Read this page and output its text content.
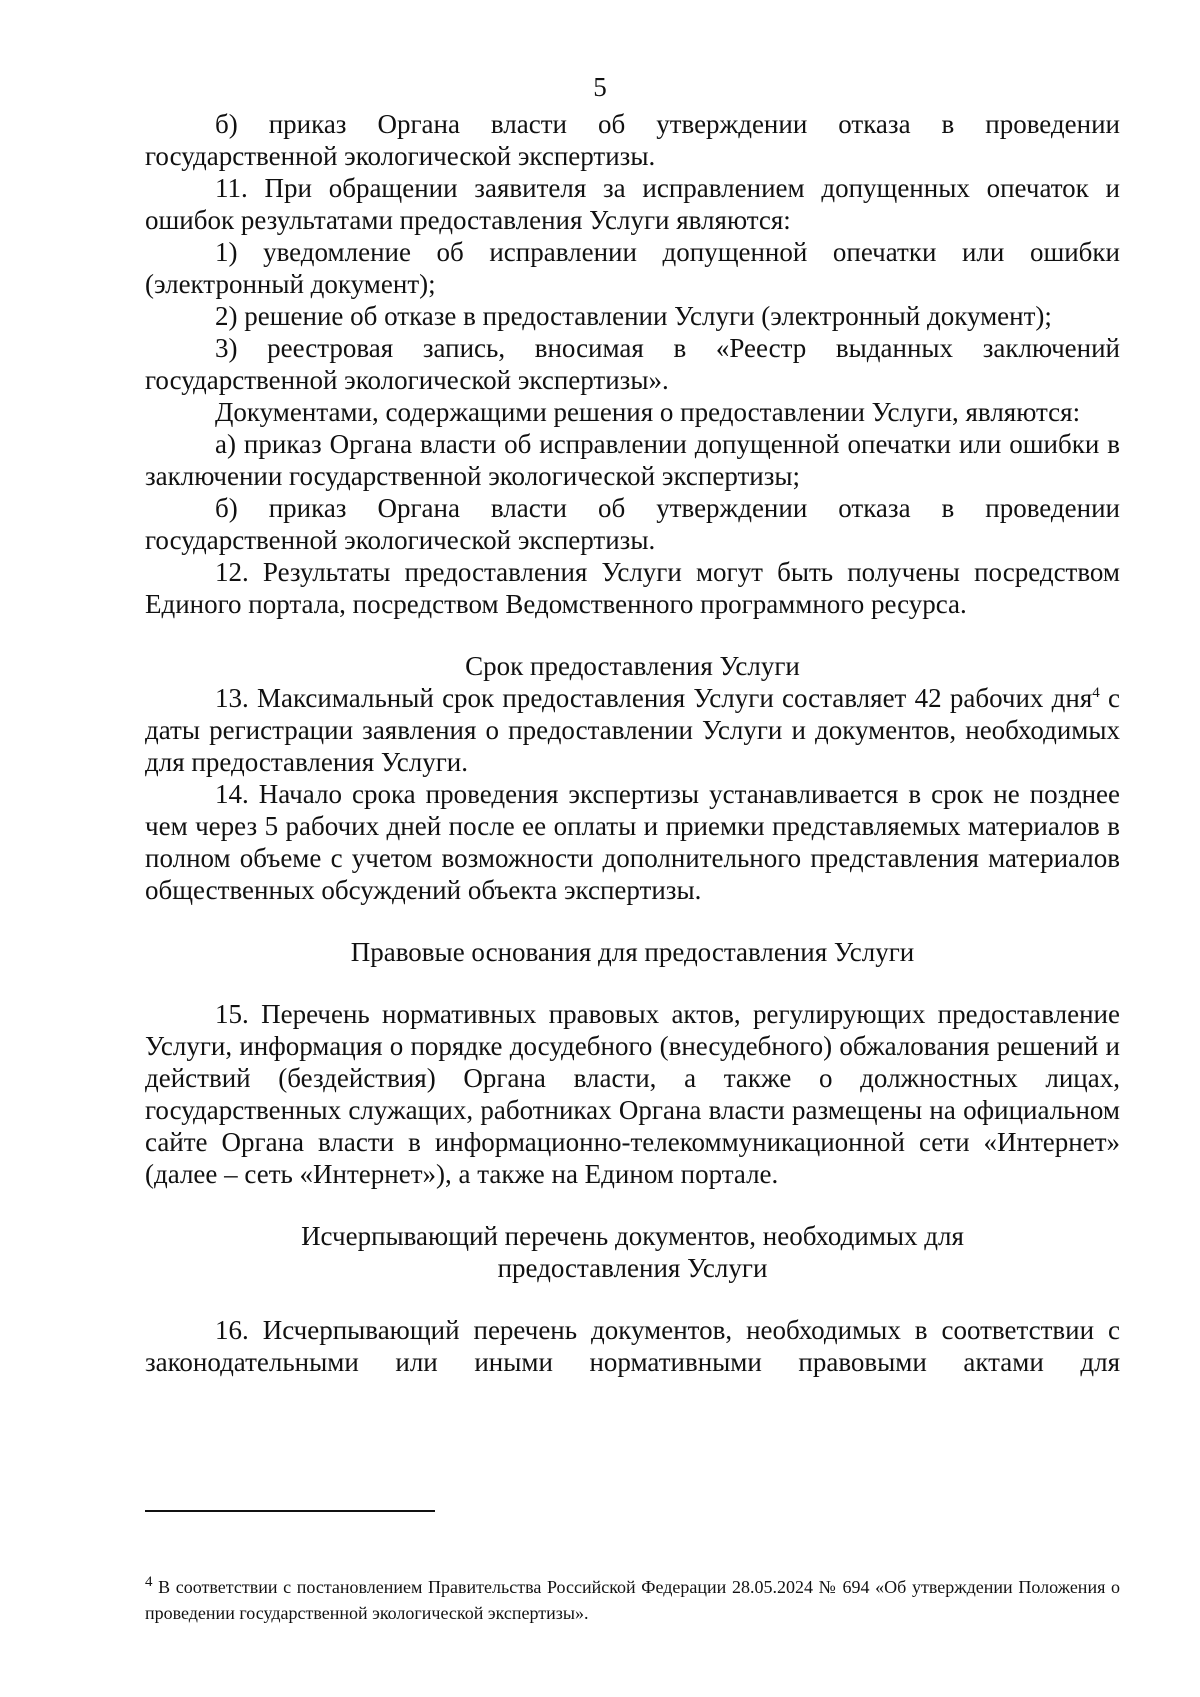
5

б) приказ Органа власти об утверждении отказа в проведении государственной экологической экспертизы.

11. При обращении заявителя за исправлением допущенных опечаток и ошибок результатами предоставления Услуги являются:

1) уведомление об исправлении допущенной опечатки или ошибки (электронный документ);

2) решение об отказе в предоставлении Услуги (электронный документ);

3) реестровая запись, вносимая в «Реестр выданных заключений государственной экологической экспертизы».

Документами, содержащими решения о предоставлении Услуги, являются:

а) приказ Органа власти об исправлении допущенной опечатки или ошибки в заключении государственной экологической экспертизы;

б) приказ Органа власти об утверждении отказа в проведении государственной экологической экспертизы.

12. Результаты предоставления Услуги могут быть получены посредством Единого портала, посредством Ведомственного программного ресурса.

Срок предоставления Услуги

13. Максимальный срок предоставления Услуги составляет 42 рабочих дня$^4$ с даты регистрации заявления о предоставлении Услуги и документов, необходимых для предоставления Услуги.

14. Начало срока проведения экспертизы устанавливается в срок не позднее чем через 5 рабочих дней после ее оплаты и приемки представляемых материалов в полном объеме с учетом возможности дополнительного представления материалов общественных обсуждений объекта экспертизы.

Правовые основания для предоставления Услуги

15. Перечень нормативных правовых актов, регулирующих предоставление Услуги, информация о порядке досудебного (внесудебного) обжалования решений и действий (бездействия) Органа власти, а также о должностных лицах, государственных служащих, работниках Органа власти размещены на официальном сайте Органа власти в информационно-телекоммуникационной сети «Интернет» (далее – сеть «Интернет»), а также на Едином портале.

Исчерпывающий перечень документов, необходимых для

предоставления Услуги

16. Исчерпывающий перечень документов, необходимых в соответствии с законодательными или иными нормативными правовыми актами для

$^4$ В соответствии с постановлением Правительства Российской Федерации 28.05.2024 № 694 «Об утверждении Положения о проведении государственной экологической экспертизы».
